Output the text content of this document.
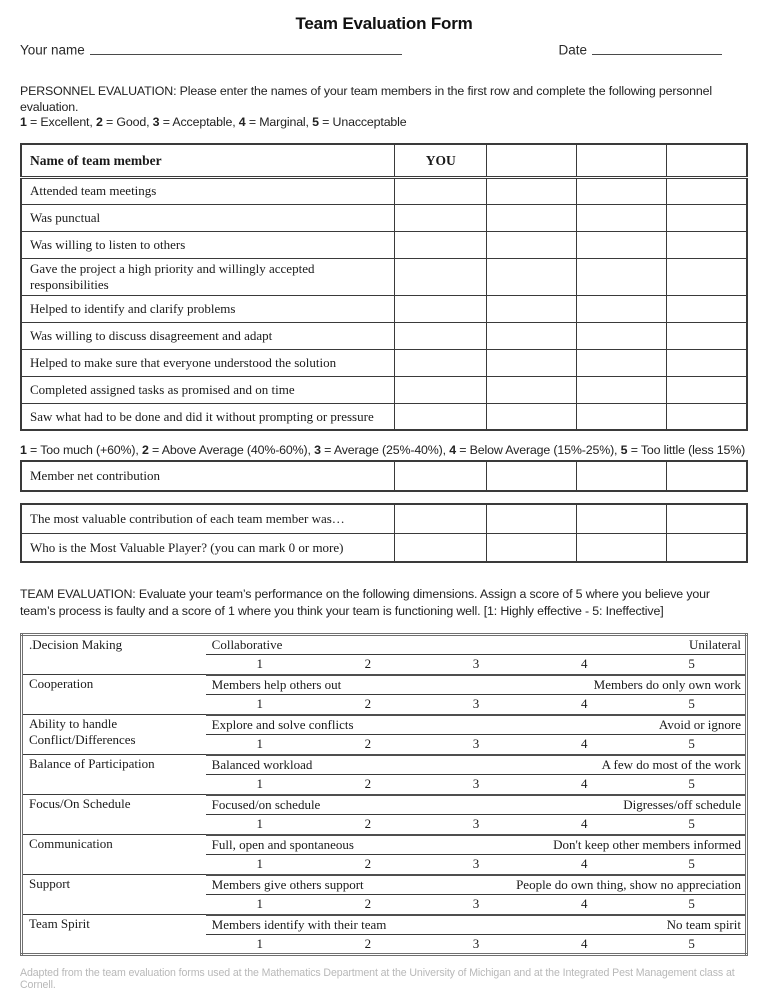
Team Evaluation Form
Your name	Date
PERSONNEL EVALUATION: Please enter the names of your team members in the first row and complete the following personnel evaluation.
1 = Excellent, 2 = Good, 3 = Acceptable, 4 = Marginal, 5 = Unacceptable
Name of team member	YOU			
Attended team meetings				
Was punctual				
Was willing to listen to others				
Gave the project a high priority and willingly accepted responsibilities				
Helped to identify and clarify problems				
Was willing to discuss disagreement and adapt				
Helped to make sure that everyone understood the solution				
Completed assigned tasks as promised and on time				
Saw what had to be done and did it without prompting or pressure				
1 = Too much (+60%), 2 = Above Average (40%-60%), 3 = Average (25%-40%), 4 = Below Average (15%-25%), 5 = Too little (less 15%)
Member net contribution				
The most valuable contribution of each team member was…				
Who is the Most Valuable Player? (you can mark 0 or more)				
TEAM EVALUATION: Evaluate your team’s performance on the following dimensions. Assign a score of 5 where you believe your team’s process is faulty and a score of 1 where you think your team is functioning well. [1: Highly effective - 5: Ineffective]
.Decision Making	Collaborative			Unilateral		
	1	2	3		4	5
Cooperation	Members help others out			Members do only own work		
	1	2	3		4	5
Ability to handle Conflict/Differences	Explore and solve conflicts			Avoid or ignore		
	1	2	3		4	5
Balance of Participation	Balanced workload			A few do most of the work		
	1	2	3		4	5
Focus/On Schedule	Focused/on schedule			Digresses/off schedule		
	1	2	3		4	5
Communication	Full, open and spontaneous			Don't keep other members informed		
	1	2	3		4	5
Support	Members give others support			People do own thing, show no appreciation		
	1	2	3		4	5
Team Spirit	Members identify with their team			No team spirit		
	1	2	3		4	5
Adapted from the team evaluation forms used at the Mathematics Department at the University of Michigan and at the Integrated Pest Management class at Cornell.
